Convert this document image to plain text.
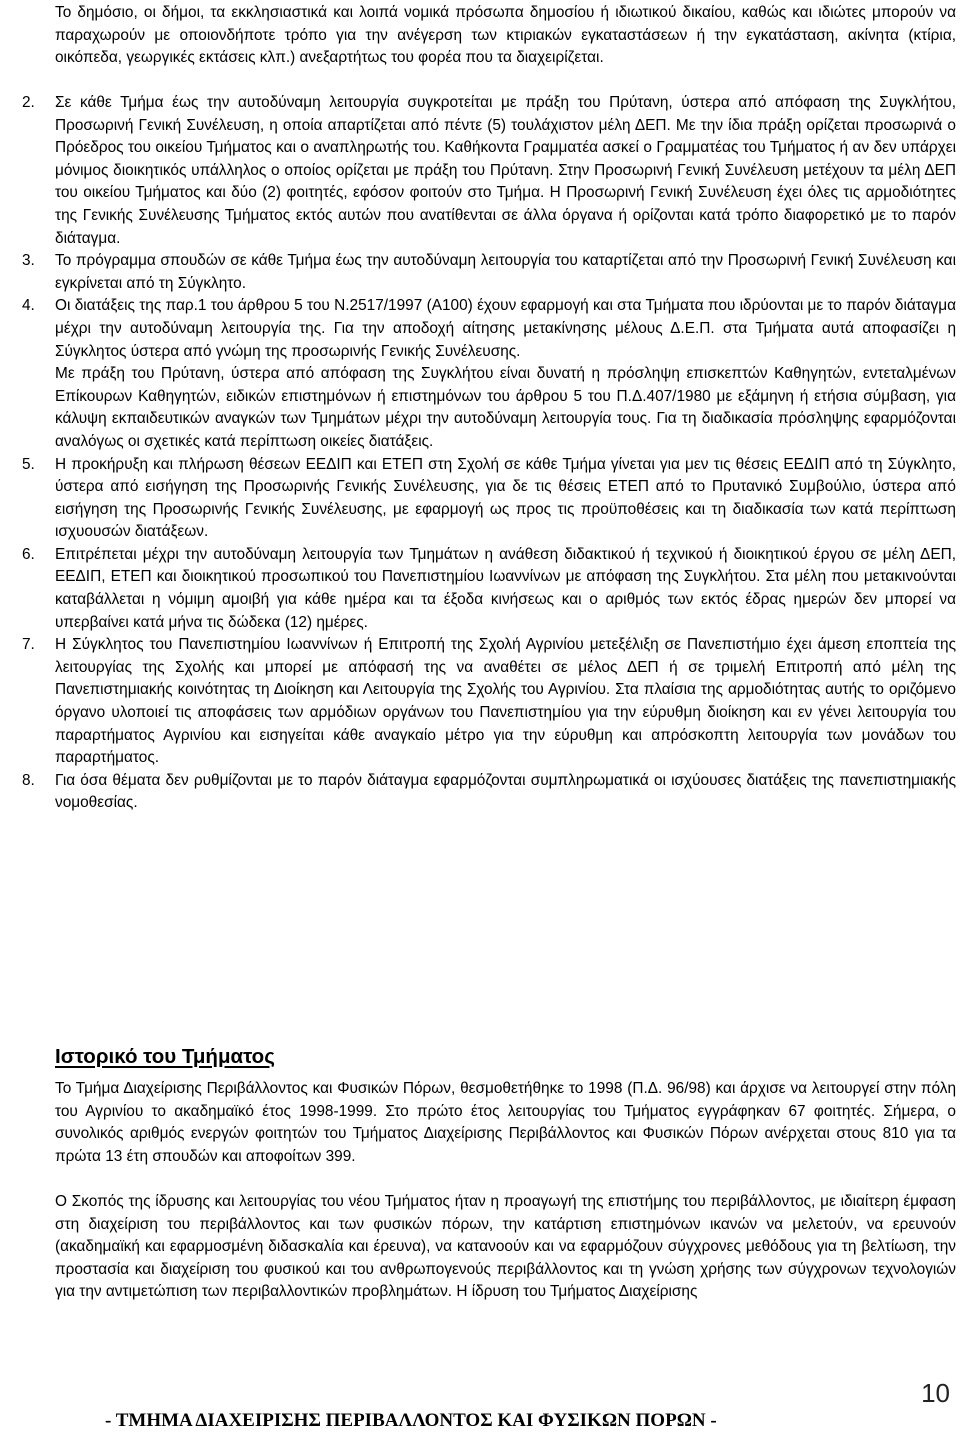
Το δημόσιο, οι δήμοι, τα εκκλησιαστικά και λοιπά νομικά πρόσωπα δημοσίου ή ιδιωτικού δικαίου, καθώς και ιδιώτες μπορούν να παραχωρούν με οποιονδήποτε τρόπο για την ανέγερση των κτιριακών εγκαταστάσεων ή την εγκατάσταση, ακίνητα (κτίρια, οικόπεδα, γεωργικές εκτάσεις κλπ.) ανεξαρτήτως του φορέα που τα διαχειρίζεται.
2.	Σε κάθε Τμήμα έως την αυτοδύναμη λειτουργία συγκροτείται με πράξη του Πρύτανη, ύστερα από απόφαση της Συγκλήτου, Προσωρινή Γενική Συνέλευση, η οποία απαρτίζεται από πέντε (5) τουλάχιστον μέλη ΔΕΠ. Με την ίδια πράξη ορίζεται προσωρινά ο Πρόεδρος του οικείου Τμήματος και ο αναπληρωτής του. Καθήκοντα Γραμματέα ασκεί ο Γραμματέας του Τμήματος ή αν δεν υπάρχει μόνιμος διοικητικός υπάλληλος ο οποίος ορίζεται με πράξη του Πρύτανη. Στην Προσωρινή Γενική Συνέλευση μετέχουν τα μέλη ΔΕΠ του οικείου Τμήματος και δύο (2) φοιτητές, εφόσον φοιτούν στο Τμήμα. Η Προσωρινή Γενική Συνέλευση έχει όλες τις αρμοδιότητες της Γενικής Συνέλευσης Τμήματος εκτός αυτών που ανατίθενται σε άλλα όργανα ή ορίζονται κατά τρόπο διαφορετικό με το παρόν διάταγμα.

3.	Το πρόγραμμα σπουδών σε κάθε Τμήμα έως την αυτοδύναμη λειτουργία του καταρτίζεται από την Προσωρινή Γενική Συνέλευση και εγκρίνεται από τη Σύγκλητο.

4.	Οι διατάξεις της παρ.1 του άρθρου 5 του Ν.2517/1997 (Α100) έχουν εφαρμογή και στα Τμήματα που ιδρύονται με το παρόν διάταγμα μέχρι την αυτοδύναμη λειτουργία της. Για την αποδοχή αίτησης μετακίνησης μέλους Δ.Ε.Π. στα Τμήματα αυτά αποφασίζει η Σύγκλητος ύστερα από γνώμη της προσωρινής Γενικής Συνέλευσης.

Με πράξη του Πρύτανη, ύστερα από απόφαση της Συγκλήτου είναι δυνατή η πρόσληψη επισκεπτών Καθηγητών, εντεταλμένων Επίκουρων Καθηγητών, ειδικών επιστημόνων ή επιστημόνων του άρθρου 5 του Π.Δ.407/1980 με εξάμηνη ή ετήσια σύμβαση, για κάλυψη εκπαιδευτικών αναγκών των Τμημάτων μέχρι την αυτοδύναμη λειτουργία τους. Για τη διαδικασία πρόσληψης εφαρμόζονται αναλόγως οι σχετικές κατά περίπτωση οικείες διατάξεις.

5.	Η προκήρυξη και πλήρωση θέσεων ΕΕΔΙΠ και ΕΤΕΠ στη Σχολή σε κάθε Τμήμα γίνεται για μεν τις θέσεις ΕΕΔΙΠ από τη Σύγκλητο, ύστερα από εισήγηση της Προσωρινής Γενικής Συνέλευσης, για δε τις θέσεις ΕΤΕΠ από το Πρυτανικό Συμβούλιο, ύστερα από εισήγηση της Προσωρινής Γενικής Συνέλευσης, με εφαρμογή ως προς τις προϋποθέσεις και τη διαδικασία των κατά περίπτωση ισχυουσών διατάξεων.

6.	Επιτρέπεται μέχρι την αυτοδύναμη λειτουργία των Τμημάτων η ανάθεση διδακτικού ή τεχνικού ή διοικητικού έργου σε μέλη ΔΕΠ, ΕΕΔΙΠ, ΕΤΕΠ και διοικητικού προσωπικού του Πανεπιστημίου Ιωαννίνων με απόφαση της Συγκλήτου. Στα μέλη που μετακινούνται καταβάλλεται η νόμιμη αμοιβή για κάθε ημέρα και τα έξοδα κινήσεως και ο αριθμός των εκτός έδρας ημερών δεν μπορεί να υπερβαίνει κατά μήνα τις δώδεκα (12) ημέρες.

7.	Η Σύγκλητος του Πανεπιστημίου Ιωαννίνων ή Επιτροπή της Σχολή Αγρινίου μετεξέλιξη σε Πανεπιστήμιο έχει άμεση εποπτεία της λειτουργίας της Σχολής και μπορεί με απόφασή της να αναθέτει σε μέλος ΔΕΠ ή σε τριμελή Επιτροπή από μέλη της Πανεπιστημιακής κοινότητας τη Διοίκηση και Λειτουργία της Σχολής του Αγρινίου. Στα πλαίσια της αρμοδιότητας αυτής το οριζόμενο όργανο υλοποιεί τις αποφάσεις των αρμόδιων οργάνων του Πανεπιστημίου για την εύρυθμη διοίκηση και εν γένει λειτουργία του παραρτήματος Αγρινίου και εισηγείται κάθε αναγκαίο μέτρο για την εύρυθμη και απρόσκοπτη λειτουργία των μονάδων του παραρτήματος.

8.	Για όσα θέματα δεν ρυθμίζονται με το παρόν διάταγμα εφαρμόζονται συμπληρωματικά οι ισχύουσες διατάξεις της πανεπιστημιακής νομοθεσίας.

Ιστορικό του Τμήματος

Το Τμήμα Διαχείρισης Περιβάλλοντος και Φυσικών Πόρων, θεσμοθετήθηκε το 1998 (Π.Δ. 96/98) και άρχισε να λειτουργεί στην πόλη του Αγρινίου το ακαδημαϊκό έτος 1998-1999. Στο πρώτο έτος λειτουργίας του Τμήματος εγγράφηκαν 67 φοιτητές. Σήμερα, ο συνολικός αριθμός ενεργών φοιτητών του Τμήματος Διαχείρισης Περιβάλλοντος και Φυσικών Πόρων ανέρχεται στους 810 για τα πρώτα 13 έτη σπουδών και αποφοίτων 399.

Ο Σκοπός της ίδρυσης και λειτουργίας του νέου Τμήματος ήταν η προαγωγή της επιστήμης του περιβάλλοντος, με ιδιαίτερη έμφαση στη διαχείριση του περιβάλλοντος και των φυσικών πόρων, την κατάρτιση επιστημόνων ικανών να μελετούν, να ερευνούν (ακαδημαϊκή και εφαρμοσμένη διδασκαλία και έρευνα), να κατανοούν και να εφαρμόζουν σύγχρονες μεθόδους για τη βελτίωση, την προστασία και διαχείριση του φυσικού και του ανθρωπογενούς περιβάλλοντος και τη γνώση χρήσης των σύγχρονων τεχνολογιών για την αντιμετώπιση των περιβαλλοντικών προβλημάτων. Η ίδρυση του Τμήματος Διαχείρισης

- ΤΜΗΜΑ ΔΙΑΧΕΙΡΙΣΗΣ ΠΕΡΙΒΑΛΛΟΝΤΟΣ ΚΑΙ ΦΥΣΙΚΩΝ ΠΟΡΩΝ -
10
